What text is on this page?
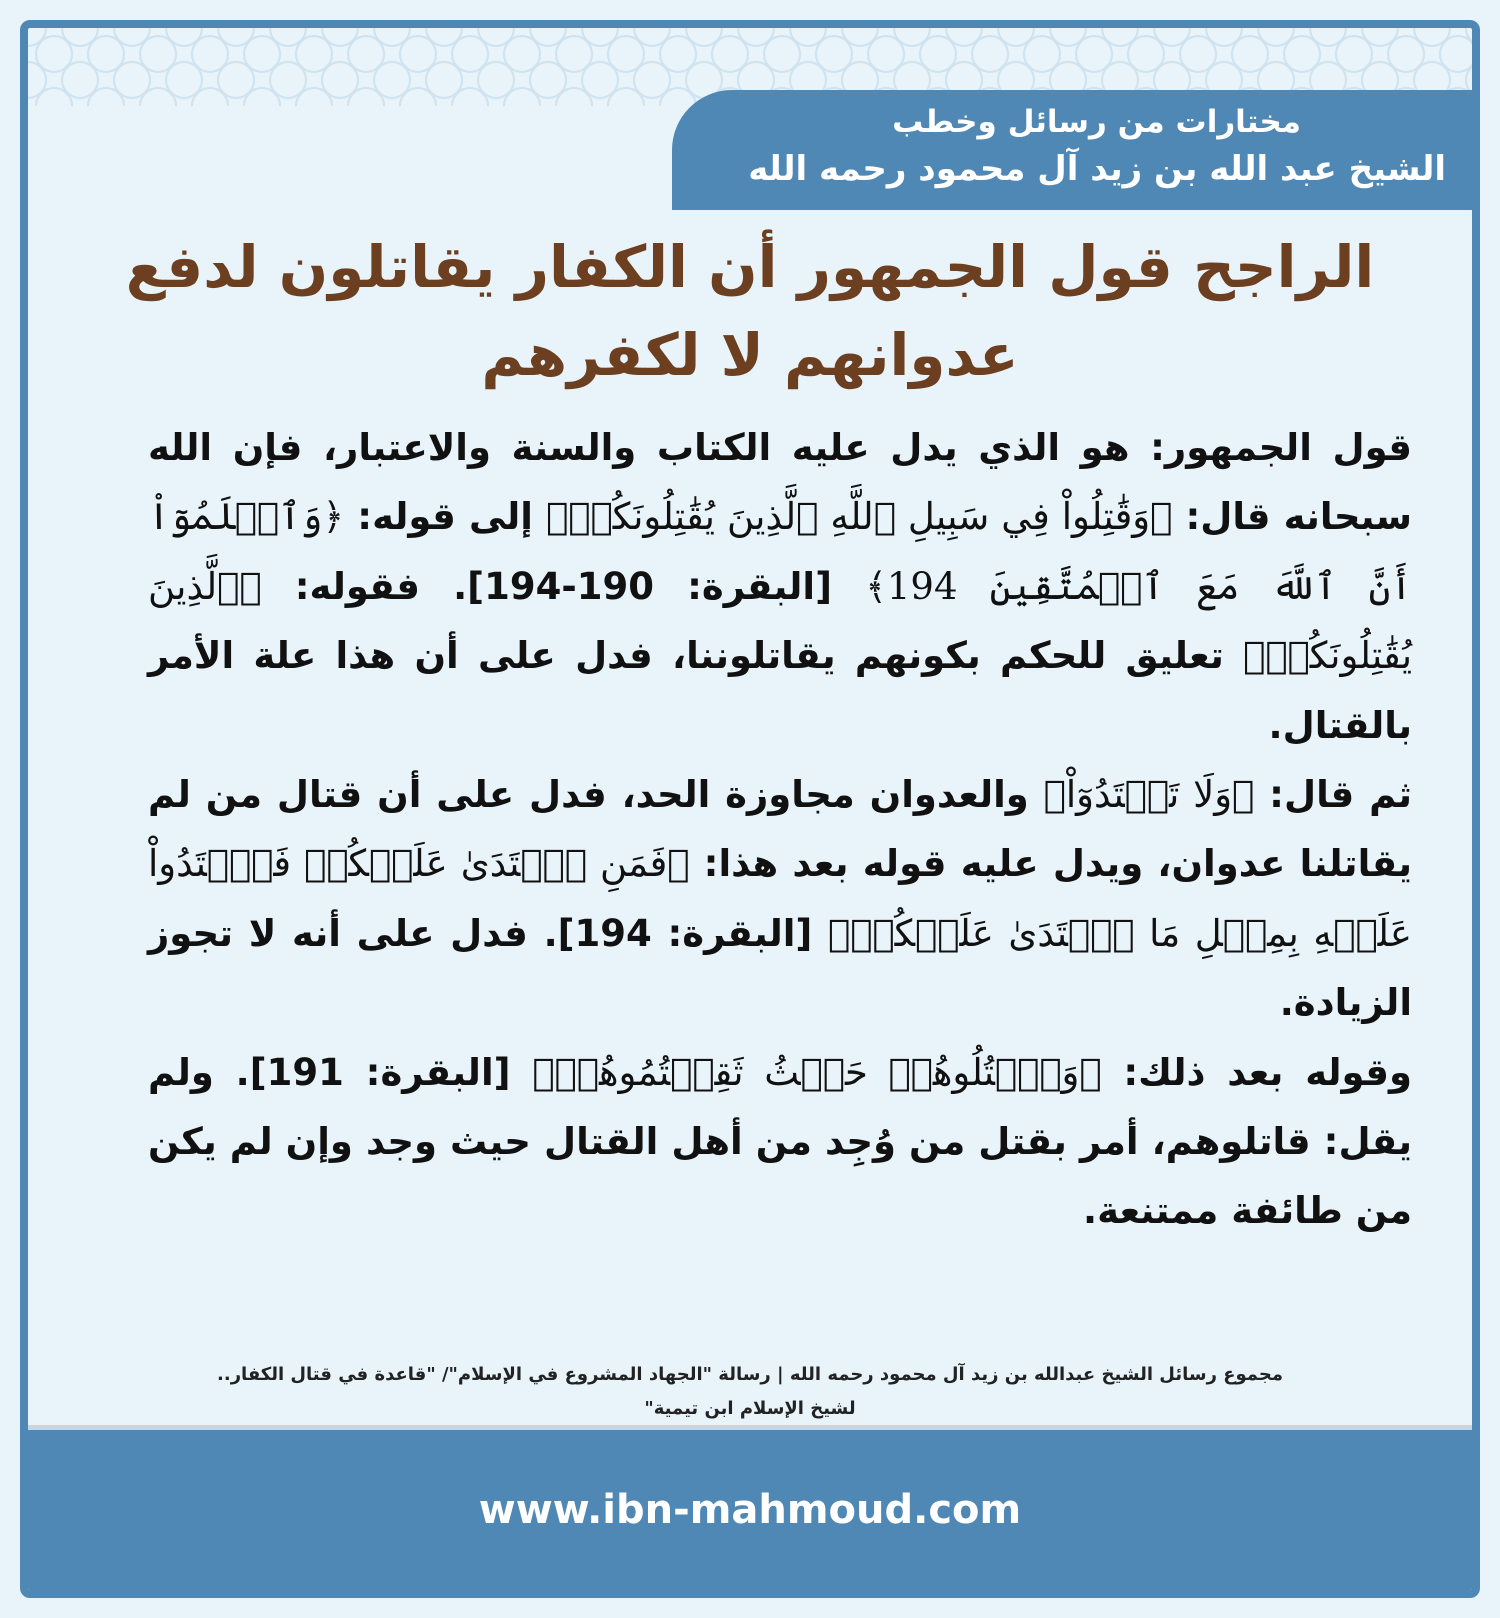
مختارات من رسائل وخطب
الشيخ عبد الله بن زيد آل محمود رحمه الله
الراجح قول الجمهور أن الكفار يقاتلون لدفع
عدوانهم لا لكفرهم

قول الجمهور: هو الذي يدل عليه الكتاب والسنة والاعتبار، فإن الله سبحانه قال: ﴿وَقَٰتِلُواْ فِي سَبِيلِ ٱللَّهِ ٱلَّذِينَ يُقَٰتِلُونَكُمۡ﴾ إلى قوله: ﴿وَٱعۡلَمُوٓاْ أَنَّ ٱللَّهَ مَعَ ٱلۡمُتَّقِينَ 194﴾ [البقرة: 190-194]. فقوله: ﴿ٱلَّذِينَ يُقَٰتِلُونَكُمۡ﴾ تعليق للحكم بكونهم يقاتلوننا، فدل على أن هذا علة الأمر بالقتال.

ثم قال: ﴿وَلَا تَعۡتَدُوٓاْ﴾ والعدوان مجاوزة الحد، فدل على أن قتال من لم يقاتلنا عدوان، ويدل عليه قوله بعد هذا: ﴿فَمَنِ ٱعۡتَدَىٰ عَلَيۡكُمۡ فَٱعۡتَدُواْ عَلَيۡهِ بِمِثۡلِ مَا ٱعۡتَدَىٰ عَلَيۡكُمۡ﴾ [البقرة: 194]. فدل على أنه لا تجوز الزيادة.

وقوله بعد ذلك: ﴿وَٱقۡتُلُوهُمۡ حَيۡثُ ثَقِفۡتُمُوهُمۡ﴾ [البقرة: 191]. ولم يقل: قاتلوهم، أمر بقتل من وُجِد من أهل القتال حيث وجد وإن لم يكن من طائفة ممتنعة.

مجموع رسائل الشيخ عبدالله بن زيد آل محمود رحمه الله | رسالة "الجهاد المشروع في الإسلام"/ "قاعدة في قتال الكفار..
لشيخ الإسلام ابن تيمية"
www.ibn-mahmoud.com
